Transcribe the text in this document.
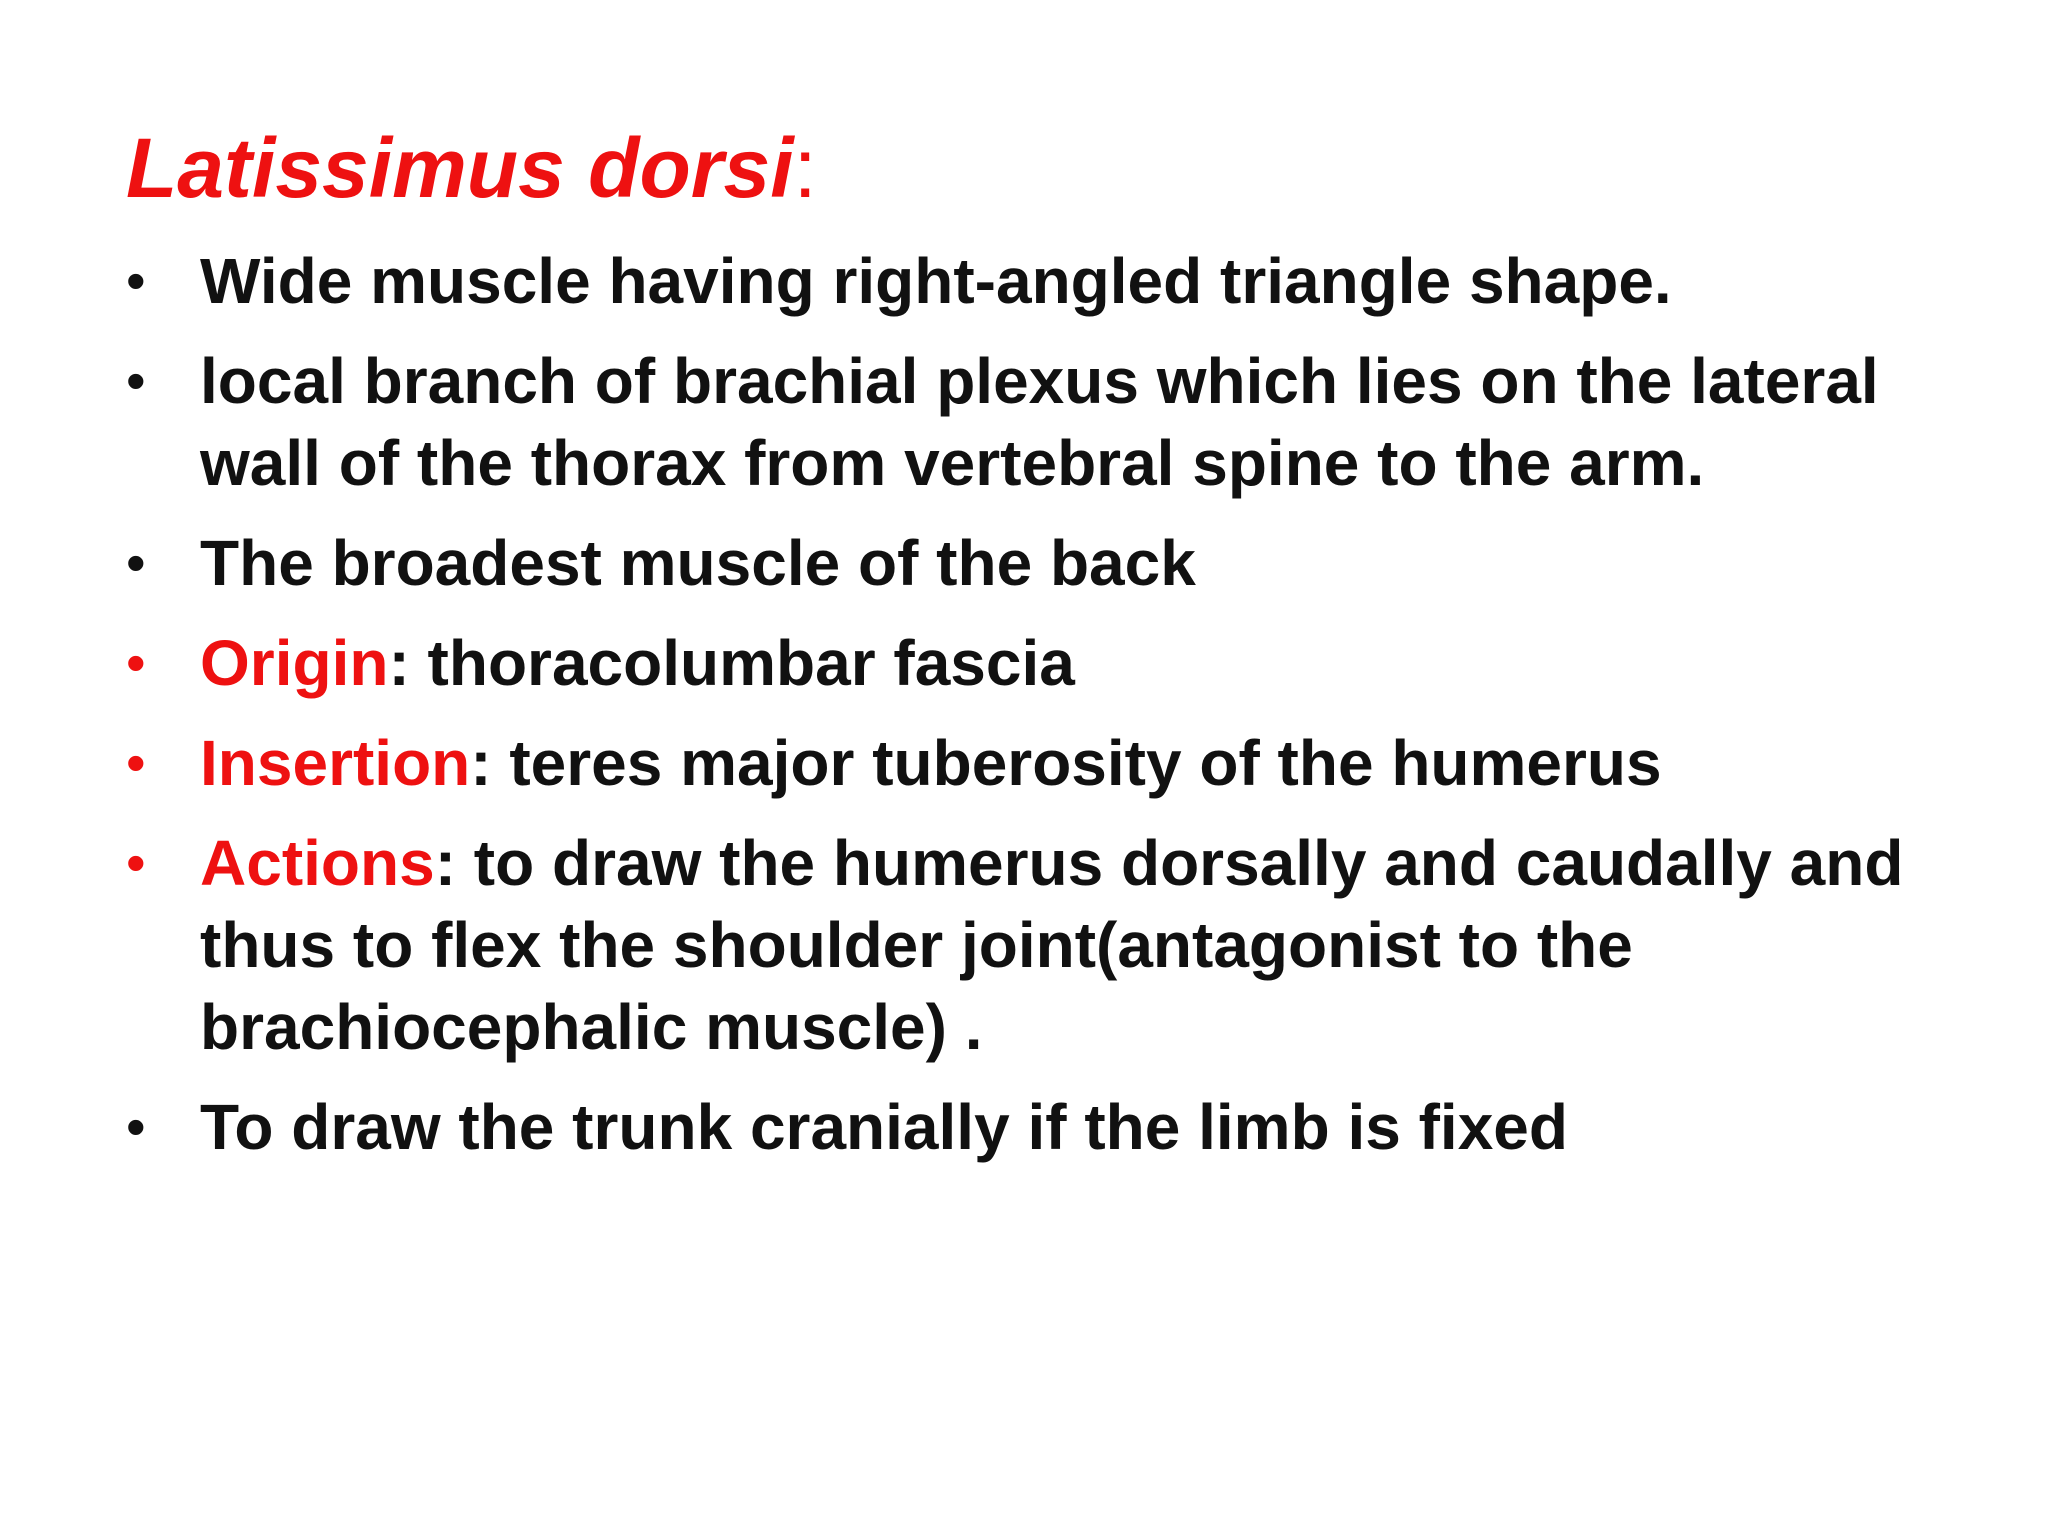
Latissimus dorsi:
• Wide muscle having right-angled triangle shape.
• local branch of brachial plexus which lies on the lateral wall of the thorax from vertebral spine to the arm.
• The broadest muscle of the back
• Origin: thoracolumbar fascia
• Insertion: teres major tuberosity of the humerus
• Actions: to draw the humerus dorsally and caudally and thus to flex the shoulder joint(antagonist to the brachiocephalic muscle) .
• To draw the trunk cranially if the limb is fixed
